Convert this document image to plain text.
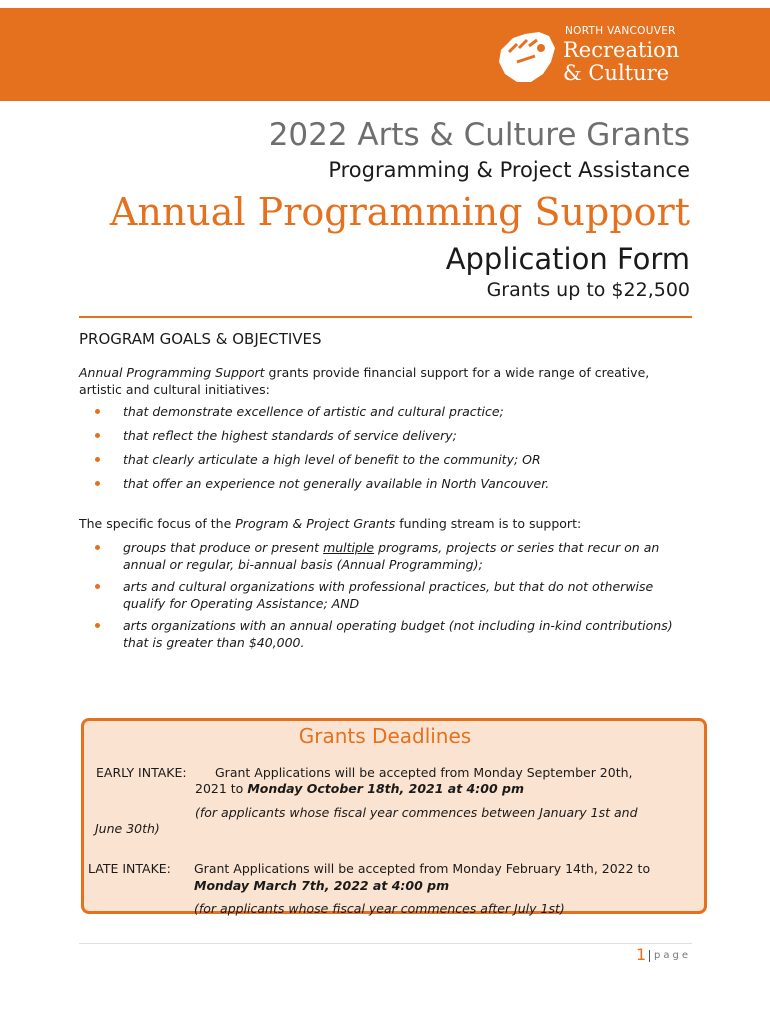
NORTH VANCOUVER
Recreation
& Culture
2022 Arts & Culture Grants
Programming & Project Assistance
Annual Programming Support
Application Form
Grants up to $22,500
PROGRAM GOALS & OBJECTIVES
Annual Programming Support grants provide financial support for a wide range of creative, artistic and cultural initiatives:
that demonstrate excellence of artistic and cultural practice;
that reflect the highest standards of service delivery;
that clearly articulate a high level of benefit to the community; OR
that offer an experience not generally available in North Vancouver.
The specific focus of the Program & Project Grants funding stream is to support:
groups that produce or present multiple programs, projects or series that recur on an annual or regular, bi-annual basis (Annual Programming);
arts and cultural organizations with professional practices, but that do not otherwise qualify for Operating Assistance; AND
arts organizations with an annual operating budget (not including in-kind contributions) that is greater than $40,000.
Grants Deadlines
EARLY INTAKE: Grant Applications will be accepted from Monday September 20th,
2021 to Monday October 18th, 2021 at 4:00 pm
(for applicants whose fiscal year commences between January 1st and
June 30th)
LATE INTAKE: Grant Applications will be accepted from Monday February 14th, 2022 to
Monday March 7th, 2022 at 4:00 pm
(for applicants whose fiscal year commences after July 1st)
1 page
